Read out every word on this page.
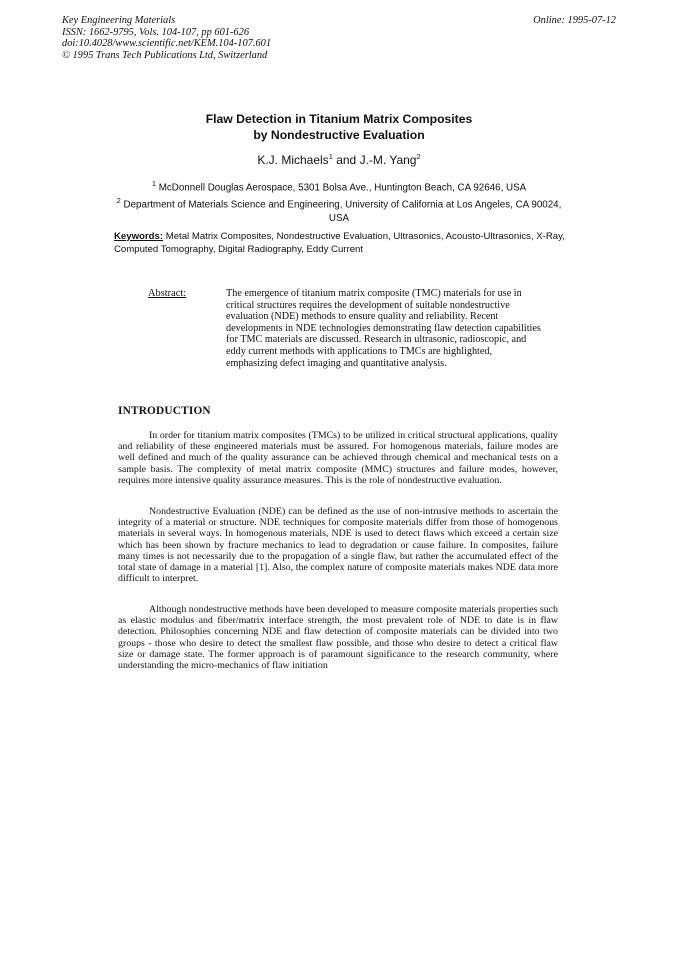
Key Engineering Materials
ISSN: 1662-9795, Vols. 104-107, pp 601-626
doi:10.4028/www.scientific.net/KEM.104-107.601
© 1995 Trans Tech Publications Ltd, Switzerland
Online: 1995-07-12
Flaw Detection in Titanium Matrix Composites
by Nondestructive Evaluation
K.J. Michaels$^1$ and J.-M. Yang$^2$
$^1$ McDonnell Douglas Aerospace, 5301 Bolsa Ave., Huntington Beach, CA 92646, USA
$^2$ Department of Materials Science and Engineering, University of California at Los Angeles, CA 90024, USA
Keywords: Metal Matrix Composites, Nondestructive Evaluation, Ultrasonics, Acousto-Ultrasonics, X-Ray, Computed Tomography, Digital Radiography, Eddy Current
Abstract:	The emergence of titanium matrix composite (TMC) materials for use in critical structures requires the development of suitable nondestructive evaluation (NDE) methods to ensure quality and reliability. Recent developments in NDE technologies demonstrating flaw detection capabilities for TMC materials are discussed. Research in ultrasonic, radioscopic, and eddy current methods with applications to TMCs are highlighted, emphasizing defect imaging and quantitative analysis.
INTRODUCTION

In order for titanium matrix composites (TMCs) to be utilized in critical structural applications, quality and reliability of these engineered materials must be assured. For homogenous materials, failure modes are well defined and much of the quality assurance can be achieved through chemical and mechanical tests on a sample basis. The complexity of metal matrix composite (MMC) structures and failure modes, however, requires more intensive quality assurance measures. This is the role of nondestructive evaluation.

Nondestructive Evaluation (NDE) can be defined as the use of non-intrusive methods to ascertain the integrity of a material or structure. NDE techniques for composite materials differ from those of homogenous materials in several ways. In homogenous materials, NDE is used to detect flaws which exceed a certain size which has been shown by fracture mechanics to lead to degradation or cause failure. In composites, failure many times is not necessarily due to the propagation of a single flaw, but rather the accumulated effect of the total state of damage in a material [1]. Also, the complex nature of composite materials makes NDE data more difficult to interpret.

Although nondestructive methods have been developed to measure composite materials properties such as elastic modulus and fiber/matrix interface strength, the most prevalent role of NDE to date is in flaw detection. Philosophies concerning NDE and flaw detection of composite materials can be divided into two groups - those who desire to detect the smallest flaw possible, and those who desire to detect a critical flaw size or damage state. The former approach is of paramount significance to the research community, where understanding the micro-mechanics of flaw initiation
